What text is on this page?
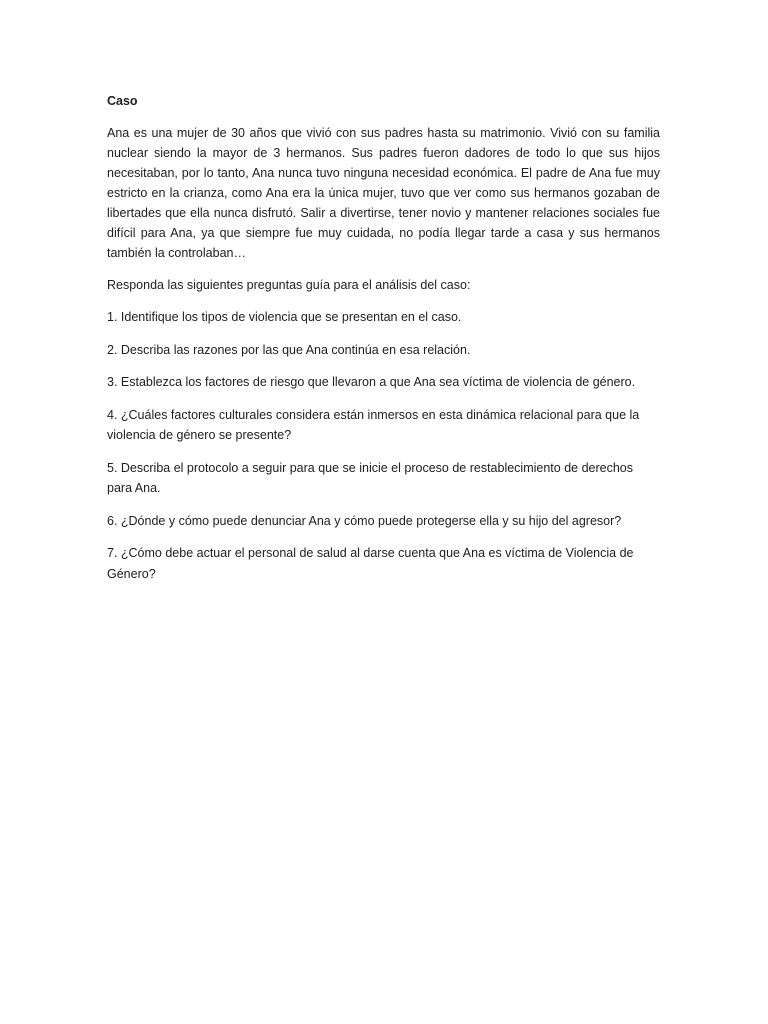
Caso

Ana es una mujer de 30 años que vivió con sus padres hasta su matrimonio. Vivió con su familia nuclear siendo la mayor de 3 hermanos. Sus padres fueron dadores de todo lo que sus hijos necesitaban, por lo tanto, Ana nunca tuvo ninguna necesidad económica. El padre de Ana fue muy estricto en la crianza, como Ana era la única mujer, tuvo que ver como sus hermanos gozaban de libertades que ella nunca disfrutó. Salir a divertirse, tener novio y mantener relaciones sociales fue difícil para Ana, ya que siempre fue muy cuidada, no podía llegar tarde a casa y sus hermanos también la controlaban…

Responda las siguientes preguntas guía para el análisis del caso:

1. Identifique los tipos de violencia que se presentan en el caso.
2. Describa las razones por las que Ana continúa en esa relación.
3. Establezca los factores de riesgo que llevaron a que Ana sea víctima de violencia de género.
4. ¿Cuáles factores culturales considera están inmersos en esta dinámica relacional para que la violencia de género se presente?
5. Describa el protocolo a seguir para que se inicie el proceso de restablecimiento de derechos para Ana.
6. ¿Dónde y cómo puede denunciar Ana y cómo puede protegerse ella y su hijo del agresor?
7. ¿Cómo debe actuar el personal de salud al darse cuenta que Ana es víctima de Violencia de Género?
